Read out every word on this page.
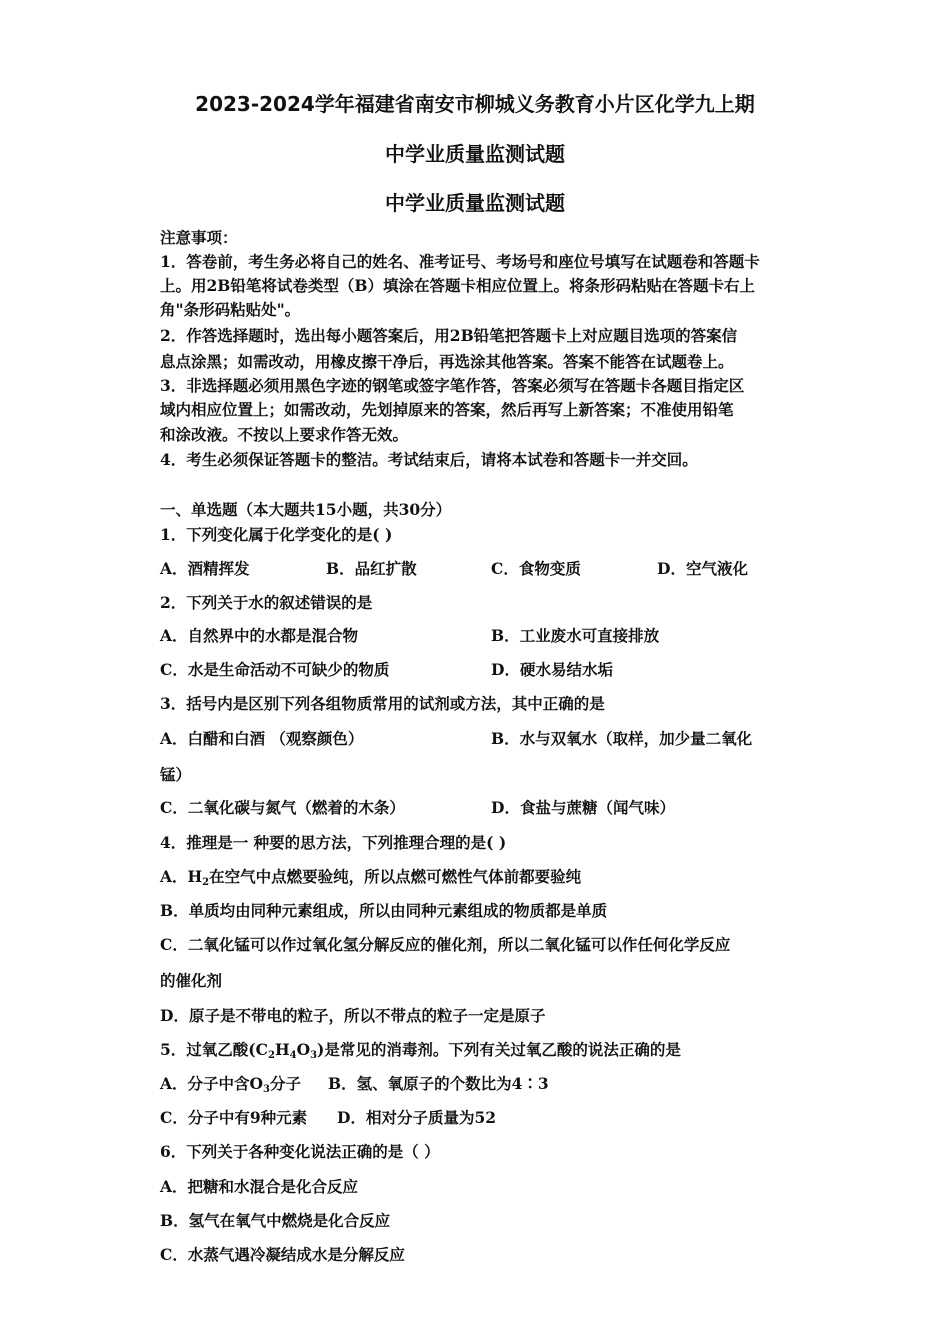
2023-2024学年福建省南安市柳城义务教育小片区化学九上期
中学业质量监测试题
中学业质量监测试题
注意事项：
1．答卷前，考生务必将自己的姓名、准考证号、考场号和座位号填写在试题卷和答题卡
上。用2B铅笔将试卷类型（B）填涂在答题卡相应位置上。将条形码粘贴在答题卡右上
角"条形码粘贴处"。
2．作答选择题时，选出每小题答案后，用2B铅笔把答题卡上对应题目选项的答案信
息点涂黑；如需改动，用橡皮擦干净后，再选涂其他答案。答案不能答在试题卷上。
3．非选择题必须用黑色字迹的钢笔或签字笔作答，答案必须写在答题卡各题目指定区
域内相应位置上；如需改动，先划掉原来的答案，然后再写上新答案；不准使用铅笔
和涂改液。不按以上要求作答无效。
4．考生必须保证答题卡的整洁。考试结束后，请将本试卷和答题卡一并交回。
一、单选题（本大题共15小题，共30分）
1．下列变化属于化学变化的是( )
A．酒精挥发	B．品红扩散	C．食物变质	D．空气液化
2．下列关于水的叙述错误的是
A．自然界中的水都是混合物	B．工业废水可直接排放
C．水是生命活动不可缺少的物质	D．硬水易结水垢
3．括号内是区别下列各组物质常用的试剂或方法，其中正确的是
A．白醋和白酒 （观察颜色）	B．水与双氧水（取样，加少量二氧化
锰）
C．二氧化碳与氮气（燃着的木条）	D．食盐与蔗糖（闻气味）
4．推理是一 种要的思方法，下列推理合理的是( )
A．$H_2$在空气中点燃要验纯，所以点燃可燃性气体前都要验纯
B．单质均由同种元素组成，所以由同种元素组成的物质都是单质
C．二氧化锰可以作过氧化氢分解反应的催化剂，所以二氧化锰可以作任何化学反应
的催化剂
D．原子是不带电的粒子，所以不带点的粒子一定是原子
5．过氧乙酸$(C_2H_4O_3)$是常见的消毒剂。下列有关过氧乙酸的说法正确的是
A．分子中含$O_3$分子 B．氢、氧原子的个数比为4∶3
C．分子中有9种元素 D．相对分子质量为52
6．下列关于各种变化说法正确的是（ ）
A．把糖和水混合是化合反应
B．氢气在氧气中燃烧是化合反应
C．水蒸气遇冷凝结成水是分解反应
